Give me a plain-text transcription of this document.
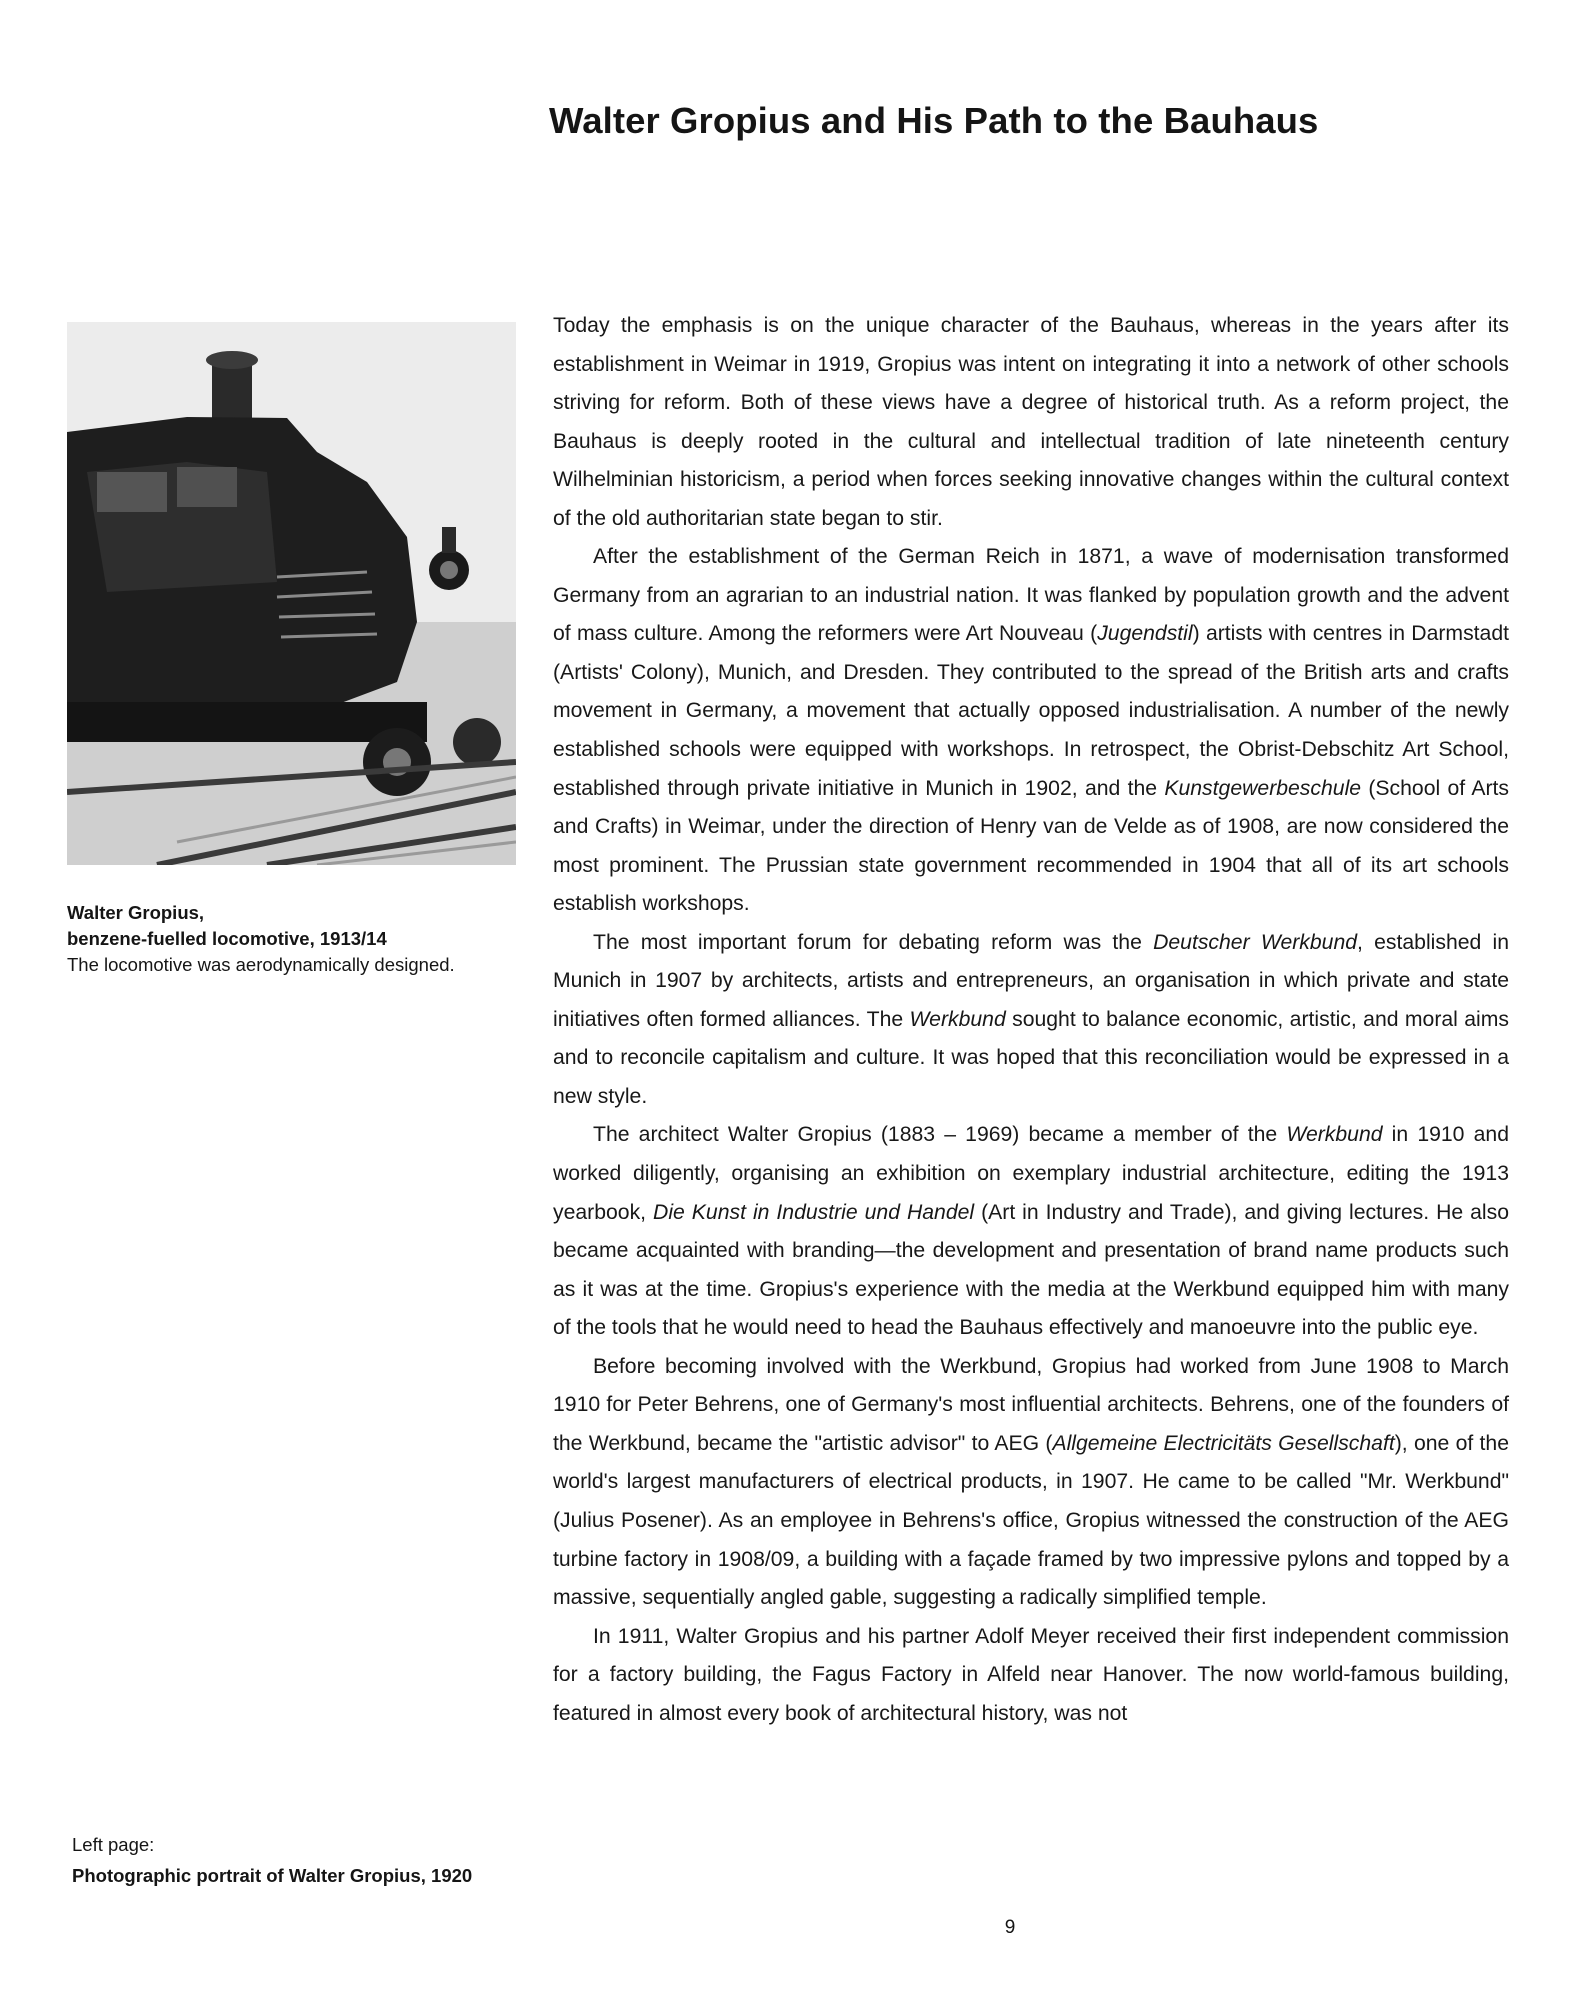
Walter Gropius and His Path to the Bauhaus
Walter Gropius,
benzene-fuelled locomotive, 1913/14
The locomotive was aerodynamically designed.
Left page:
Photographic portrait of Walter Gropius, 1920

Today the emphasis is on the unique character of the Bauhaus, whereas in the years after its establishment in Weimar in 1919, Gropius was intent on integrating it into a network of other schools striving for reform. Both of these views have a degree of historical truth. As a reform project, the Bauhaus is deeply rooted in the cultural and intellectual tradition of late nineteenth century Wilhelminian historicism, a period when forces seeking innovative changes within the cultural context of the old authoritarian state began to stir.

After the establishment of the German Reich in 1871, a wave of modernisation transformed Germany from an agrarian to an industrial nation. It was flanked by population growth and the advent of mass culture. Among the reformers were Art Nouveau (Jugendstil) artists with centres in Darmstadt (Artists' Colony), Munich, and Dresden. They contributed to the spread of the British arts and crafts movement in Germany, a movement that actually opposed industrialisation. A number of the newly established schools were equipped with workshops. In retrospect, the Obrist-Debschitz Art School, established through private initiative in Munich in 1902, and the Kunstgewerbeschule (School of Arts and Crafts) in Weimar, under the direction of Henry van de Velde as of 1908, are now considered the most prominent. The Prussian state government recommended in 1904 that all of its art schools establish workshops.

The most important forum for debating reform was the Deutscher Werkbund, established in Munich in 1907 by architects, artists and entrepreneurs, an organisation in which private and state initiatives often formed alliances. The Werkbund sought to balance economic, artistic, and moral aims and to reconcile capitalism and culture. It was hoped that this reconciliation would be expressed in a new style.

The architect Walter Gropius (1883 – 1969) became a member of the Werkbund in 1910 and worked diligently, organising an exhibition on exemplary industrial architecture, editing the 1913 yearbook, Die Kunst in Industrie und Handel (Art in Industry and Trade), and giving lectures. He also became acquainted with branding—the development and presentation of brand name products such as it was at the time. Gropius's experience with the media at the Werkbund equipped him with many of the tools that he would need to head the Bauhaus effectively and manoeuvre into the public eye.

Before becoming involved with the Werkbund, Gropius had worked from June 1908 to March 1910 for Peter Behrens, one of Germany's most influential architects. Behrens, one of the founders of the Werkbund, became the "artistic advisor" to AEG (Allgemeine Electricitäts Gesellschaft), one of the world's largest manufacturers of electrical products, in 1907. He came to be called "Mr. Werkbund" (Julius Posener). As an employee in Behrens's office, Gropius witnessed the construction of the AEG turbine factory in 1908/09, a building with a façade framed by two impressive pylons and topped by a massive, sequentially angled gable, suggesting a radically simplified temple.

In 1911, Walter Gropius and his partner Adolf Meyer received their first independent commission for a factory building, the Fagus Factory in Alfeld near Hanover. The now world-famous building, featured in almost every book of architectural history, was not

9
